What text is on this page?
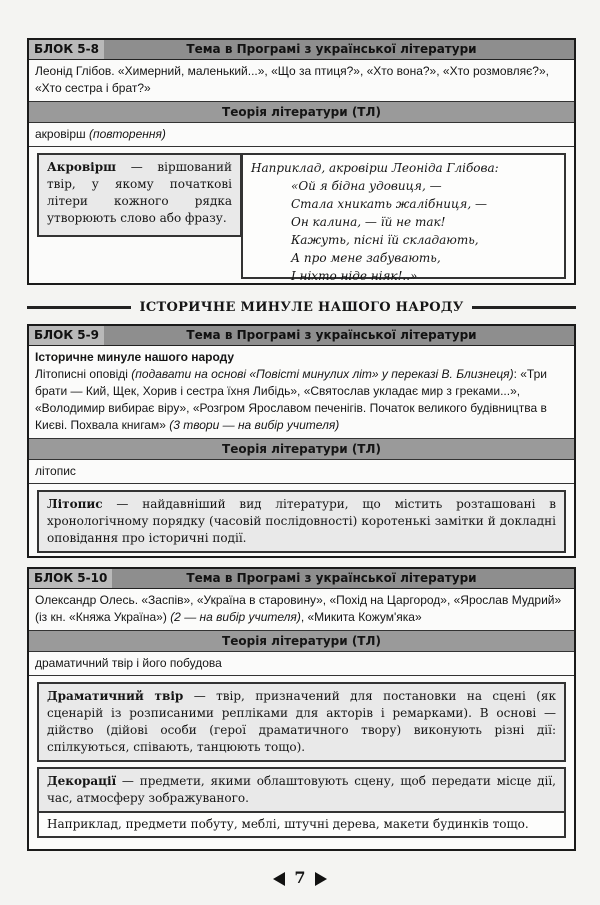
БЛОК 5-8	Тема в Програмі з української літератури
Леонід Глібов. «Химерний, маленький...», «Що за птиця?», «Хто вона?», «Хто розмовляє?», «Хто сестра і брат?»
Теорія літератури (ТЛ)
акровірш (повторення)
Акровірш — віршований твір, у якому початкові літери кожного рядка утворюють слово або фразу.
Наприклад, акровірш Леоніда Глібова:
«Ой я бідна удовиця, —
Стала хникать жалібниця, —
Он калина, — їй не так!
Кажуть, пісні їй складають,
А про мене забувають,
І ніхто ніде ніяк!..»
ІСТОРИЧНЕ МИНУЛЕ НАШОГО НАРОДУ
БЛОК 5-9	Тема в Програмі з української літератури
Історичне минуле нашого народу
Літописні оповіді (подавати на основі «Повісті минулих літ» у переказі В. Близнеця): «Три брати — Кий, Щек, Хорив і сестра їхня Либідь», «Святослав укладає мир з греками...», «Володимир вибирає віру», «Розгром Ярославом печенігів. Початок великого будівництва в Києві. Похвала книгам» (3 твори — на вибір учителя)
Теорія літератури (ТЛ)
літопис
Літопис — найдавніший вид літератури, що містить розташовані в хронологічному порядку (часовій послідовності) коротенькі замітки й докладні оповідання про історичні події.
БЛОК 5-10	Тема в Програмі з української літератури
Олександр Олесь. «Заспів», «Україна в старовину», «Похід на Царгород», «Ярослав Мудрий» (із кн. «Княжа Україна») (2 — на вибір учителя), «Микита Кожум'яка»
Теорія літератури (ТЛ)
драматичний твір і його побудова
Драматичний твір — твір, призначений для постановки на сцені (як сценарій із розписаними репліками для акторів і ремарками). В основі — дійство (дійові особи (герої драматичного твору) виконують різні дії: спілкуються, співають, танцюють тощо).
Декорації — предмети, якими облаштовують сцену, щоб передати місце дії, час, атмосферу зображуваного.
Наприклад, предмети побуту, меблі, штучні дерева, макети будинків тощо.
7
